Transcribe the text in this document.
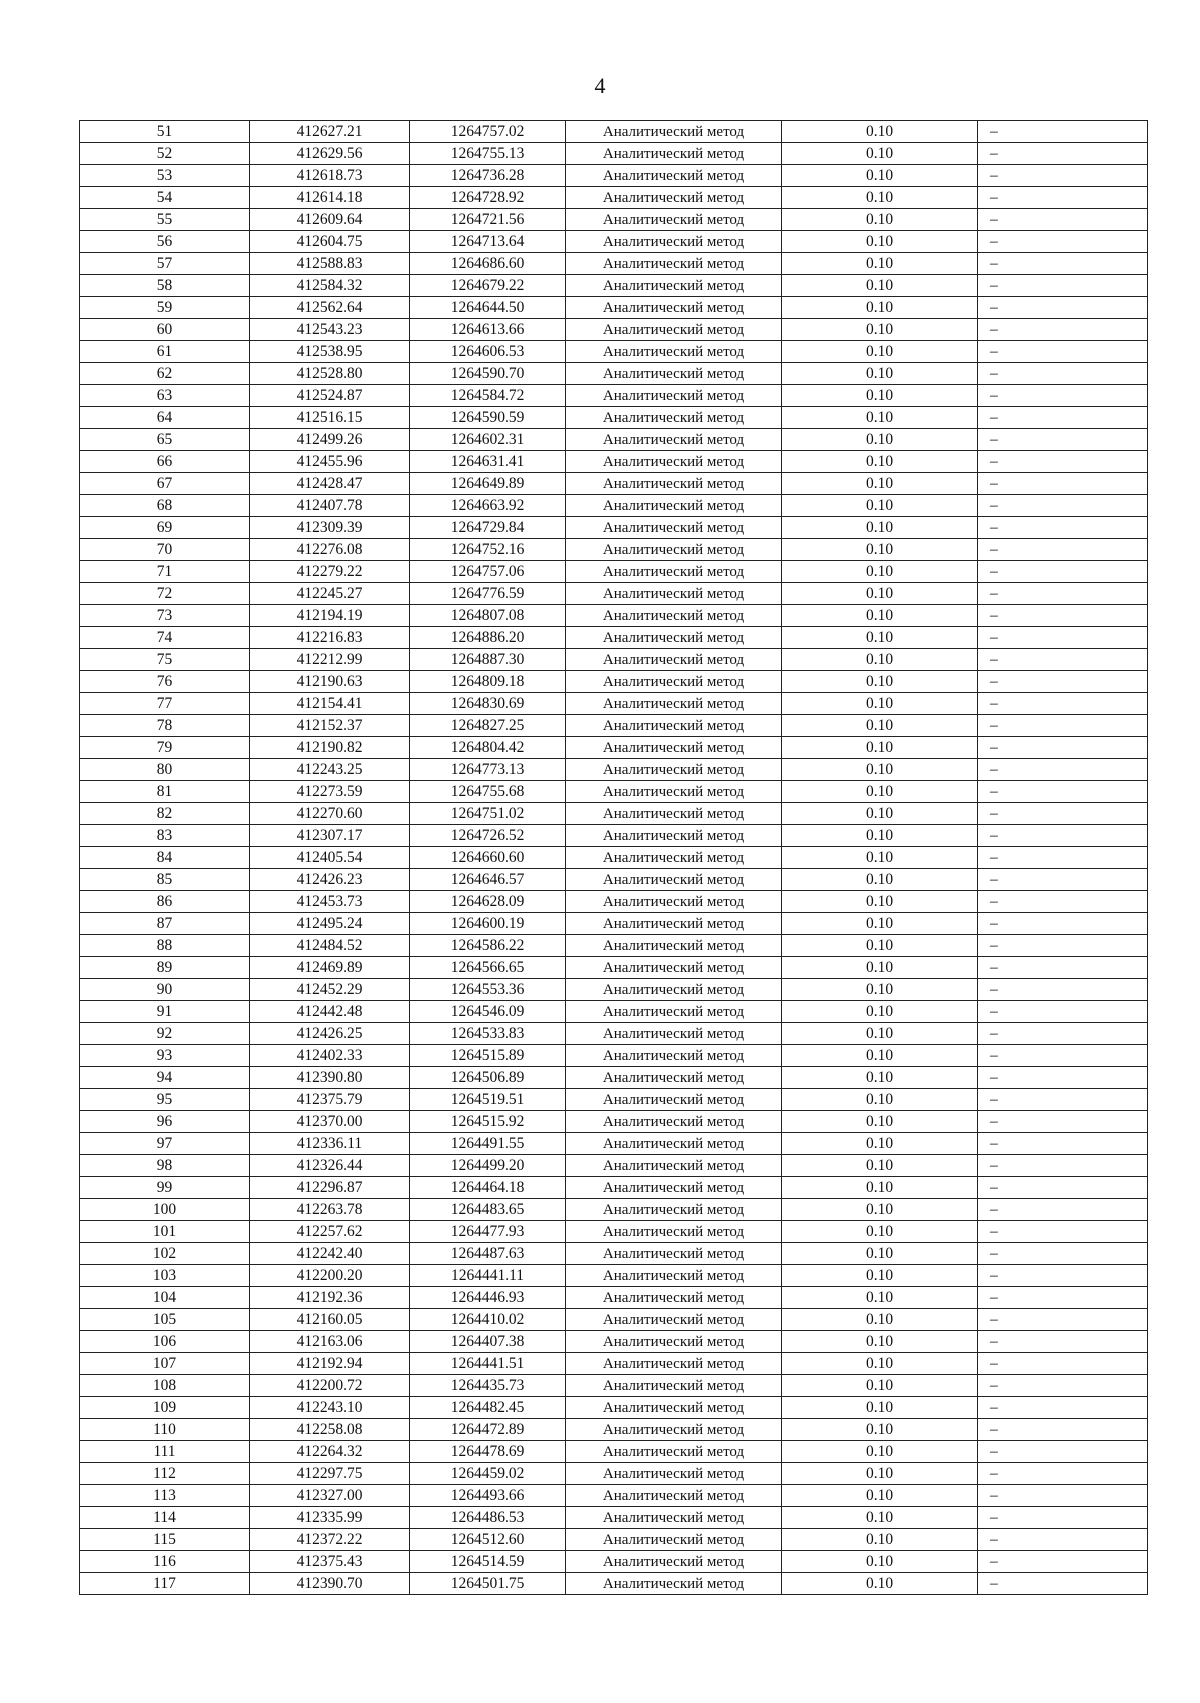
4
51	412627.21	1264757.02	Аналитический метод	0.10	–
52	412629.56	1264755.13	Аналитический метод	0.10	–
53	412618.73	1264736.28	Аналитический метод	0.10	–
54	412614.18	1264728.92	Аналитический метод	0.10	–
55	412609.64	1264721.56	Аналитический метод	0.10	–
56	412604.75	1264713.64	Аналитический метод	0.10	–
57	412588.83	1264686.60	Аналитический метод	0.10	–
58	412584.32	1264679.22	Аналитический метод	0.10	–
59	412562.64	1264644.50	Аналитический метод	0.10	–
60	412543.23	1264613.66	Аналитический метод	0.10	–
61	412538.95	1264606.53	Аналитический метод	0.10	–
62	412528.80	1264590.70	Аналитический метод	0.10	–
63	412524.87	1264584.72	Аналитический метод	0.10	–
64	412516.15	1264590.59	Аналитический метод	0.10	–
65	412499.26	1264602.31	Аналитический метод	0.10	–
66	412455.96	1264631.41	Аналитический метод	0.10	–
67	412428.47	1264649.89	Аналитический метод	0.10	–
68	412407.78	1264663.92	Аналитический метод	0.10	–
69	412309.39	1264729.84	Аналитический метод	0.10	–
70	412276.08	1264752.16	Аналитический метод	0.10	–
71	412279.22	1264757.06	Аналитический метод	0.10	–
72	412245.27	1264776.59	Аналитический метод	0.10	–
73	412194.19	1264807.08	Аналитический метод	0.10	–
74	412216.83	1264886.20	Аналитический метод	0.10	–
75	412212.99	1264887.30	Аналитический метод	0.10	–
76	412190.63	1264809.18	Аналитический метод	0.10	–
77	412154.41	1264830.69	Аналитический метод	0.10	–
78	412152.37	1264827.25	Аналитический метод	0.10	–
79	412190.82	1264804.42	Аналитический метод	0.10	–
80	412243.25	1264773.13	Аналитический метод	0.10	–
81	412273.59	1264755.68	Аналитический метод	0.10	–
82	412270.60	1264751.02	Аналитический метод	0.10	–
83	412307.17	1264726.52	Аналитический метод	0.10	–
84	412405.54	1264660.60	Аналитический метод	0.10	–
85	412426.23	1264646.57	Аналитический метод	0.10	–
86	412453.73	1264628.09	Аналитический метод	0.10	–
87	412495.24	1264600.19	Аналитический метод	0.10	–
88	412484.52	1264586.22	Аналитический метод	0.10	–
89	412469.89	1264566.65	Аналитический метод	0.10	–
90	412452.29	1264553.36	Аналитический метод	0.10	–
91	412442.48	1264546.09	Аналитический метод	0.10	–
92	412426.25	1264533.83	Аналитический метод	0.10	–
93	412402.33	1264515.89	Аналитический метод	0.10	–
94	412390.80	1264506.89	Аналитический метод	0.10	–
95	412375.79	1264519.51	Аналитический метод	0.10	–
96	412370.00	1264515.92	Аналитический метод	0.10	–
97	412336.11	1264491.55	Аналитический метод	0.10	–
98	412326.44	1264499.20	Аналитический метод	0.10	–
99	412296.87	1264464.18	Аналитический метод	0.10	–
100	412263.78	1264483.65	Аналитический метод	0.10	–
101	412257.62	1264477.93	Аналитический метод	0.10	–
102	412242.40	1264487.63	Аналитический метод	0.10	–
103	412200.20	1264441.11	Аналитический метод	0.10	–
104	412192.36	1264446.93	Аналитический метод	0.10	–
105	412160.05	1264410.02	Аналитический метод	0.10	–
106	412163.06	1264407.38	Аналитический метод	0.10	–
107	412192.94	1264441.51	Аналитический метод	0.10	–
108	412200.72	1264435.73	Аналитический метод	0.10	–
109	412243.10	1264482.45	Аналитический метод	0.10	–
110	412258.08	1264472.89	Аналитический метод	0.10	–
111	412264.32	1264478.69	Аналитический метод	0.10	–
112	412297.75	1264459.02	Аналитический метод	0.10	–
113	412327.00	1264493.66	Аналитический метод	0.10	–
114	412335.99	1264486.53	Аналитический метод	0.10	–
115	412372.22	1264512.60	Аналитический метод	0.10	–
116	412375.43	1264514.59	Аналитический метод	0.10	–
117	412390.70	1264501.75	Аналитический метод	0.10	–
